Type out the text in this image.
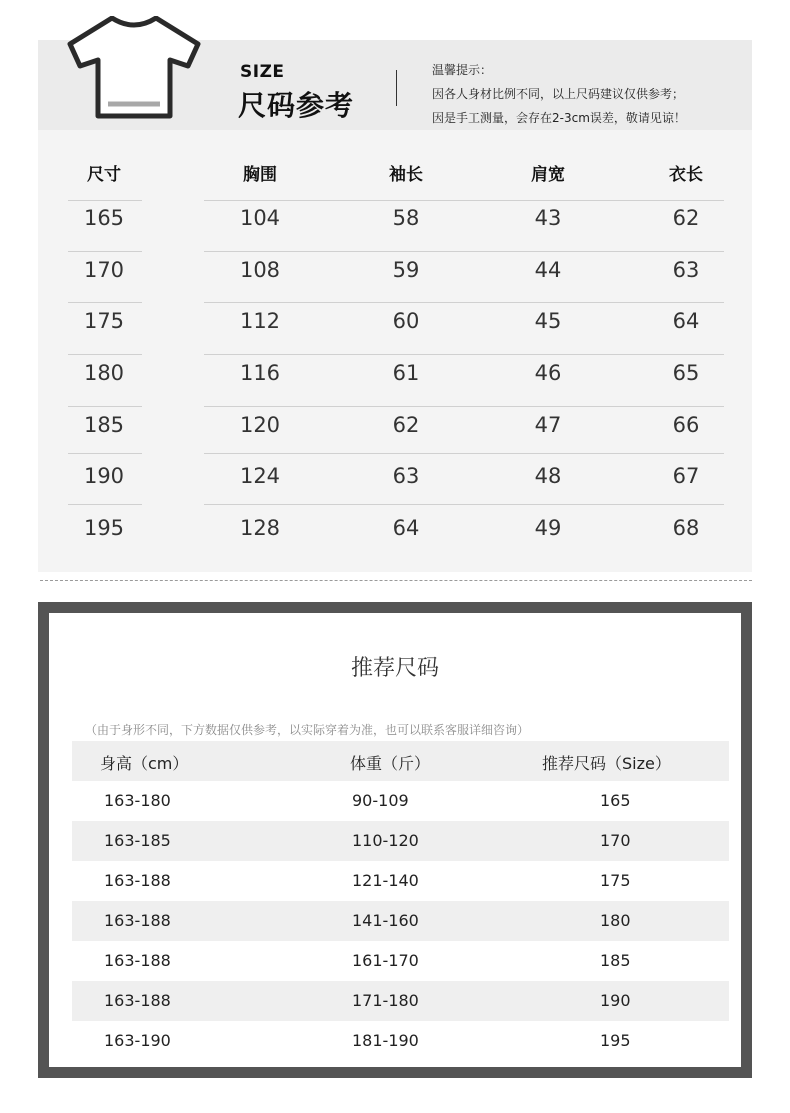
SIZE
尺码参考
温馨提示：
因各人身材比例不同，以上尺码建议仅供参考；
因是手工测量，会存在2-3cm误差，敬请见谅！
尺寸	胸围	袖长	肩宽	衣长
165	104	58	43	62
170	108	59	44	63
175	112	60	45	64
180	116	61	46	65
185	120	62	47	66
190	124	63	48	67
195	128	64	49	68
推荐尺码
（由于身形不同，下方数据仅供参考，以实际穿着为准，也可以联系客服详细咨询）
身高（cm）	体重（斤）	推荐尺码（Size）
163-180	90-109	165
163-185	110-120	170
163-188	121-140	175
163-188	141-160	180
163-188	161-170	185
163-188	171-180	190
163-190	181-190	195
